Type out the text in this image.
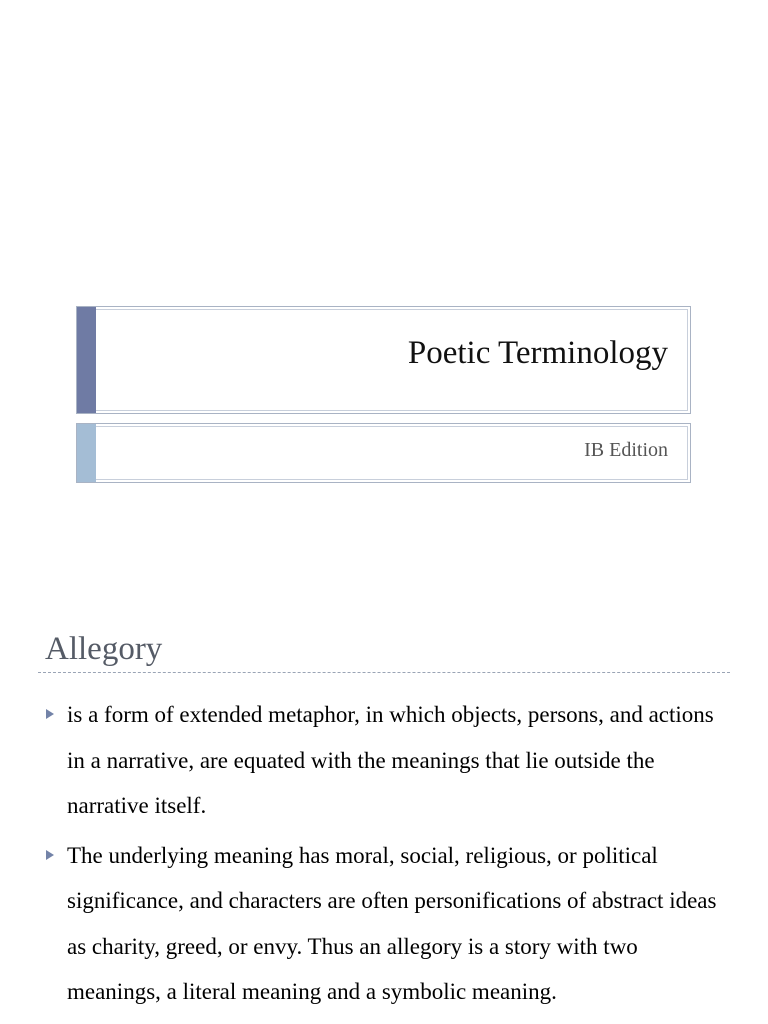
Poetic Terminology
IB Edition
Allegory
is a form of extended metaphor, in which objects, persons, and actions in a narrative, are equated with the meanings that lie outside the narrative itself.
The underlying meaning has moral, social, religious, or political significance, and characters are often personifications of abstract ideas as charity, greed, or envy. Thus an allegory is a story with two meanings, a literal meaning and a symbolic meaning.
